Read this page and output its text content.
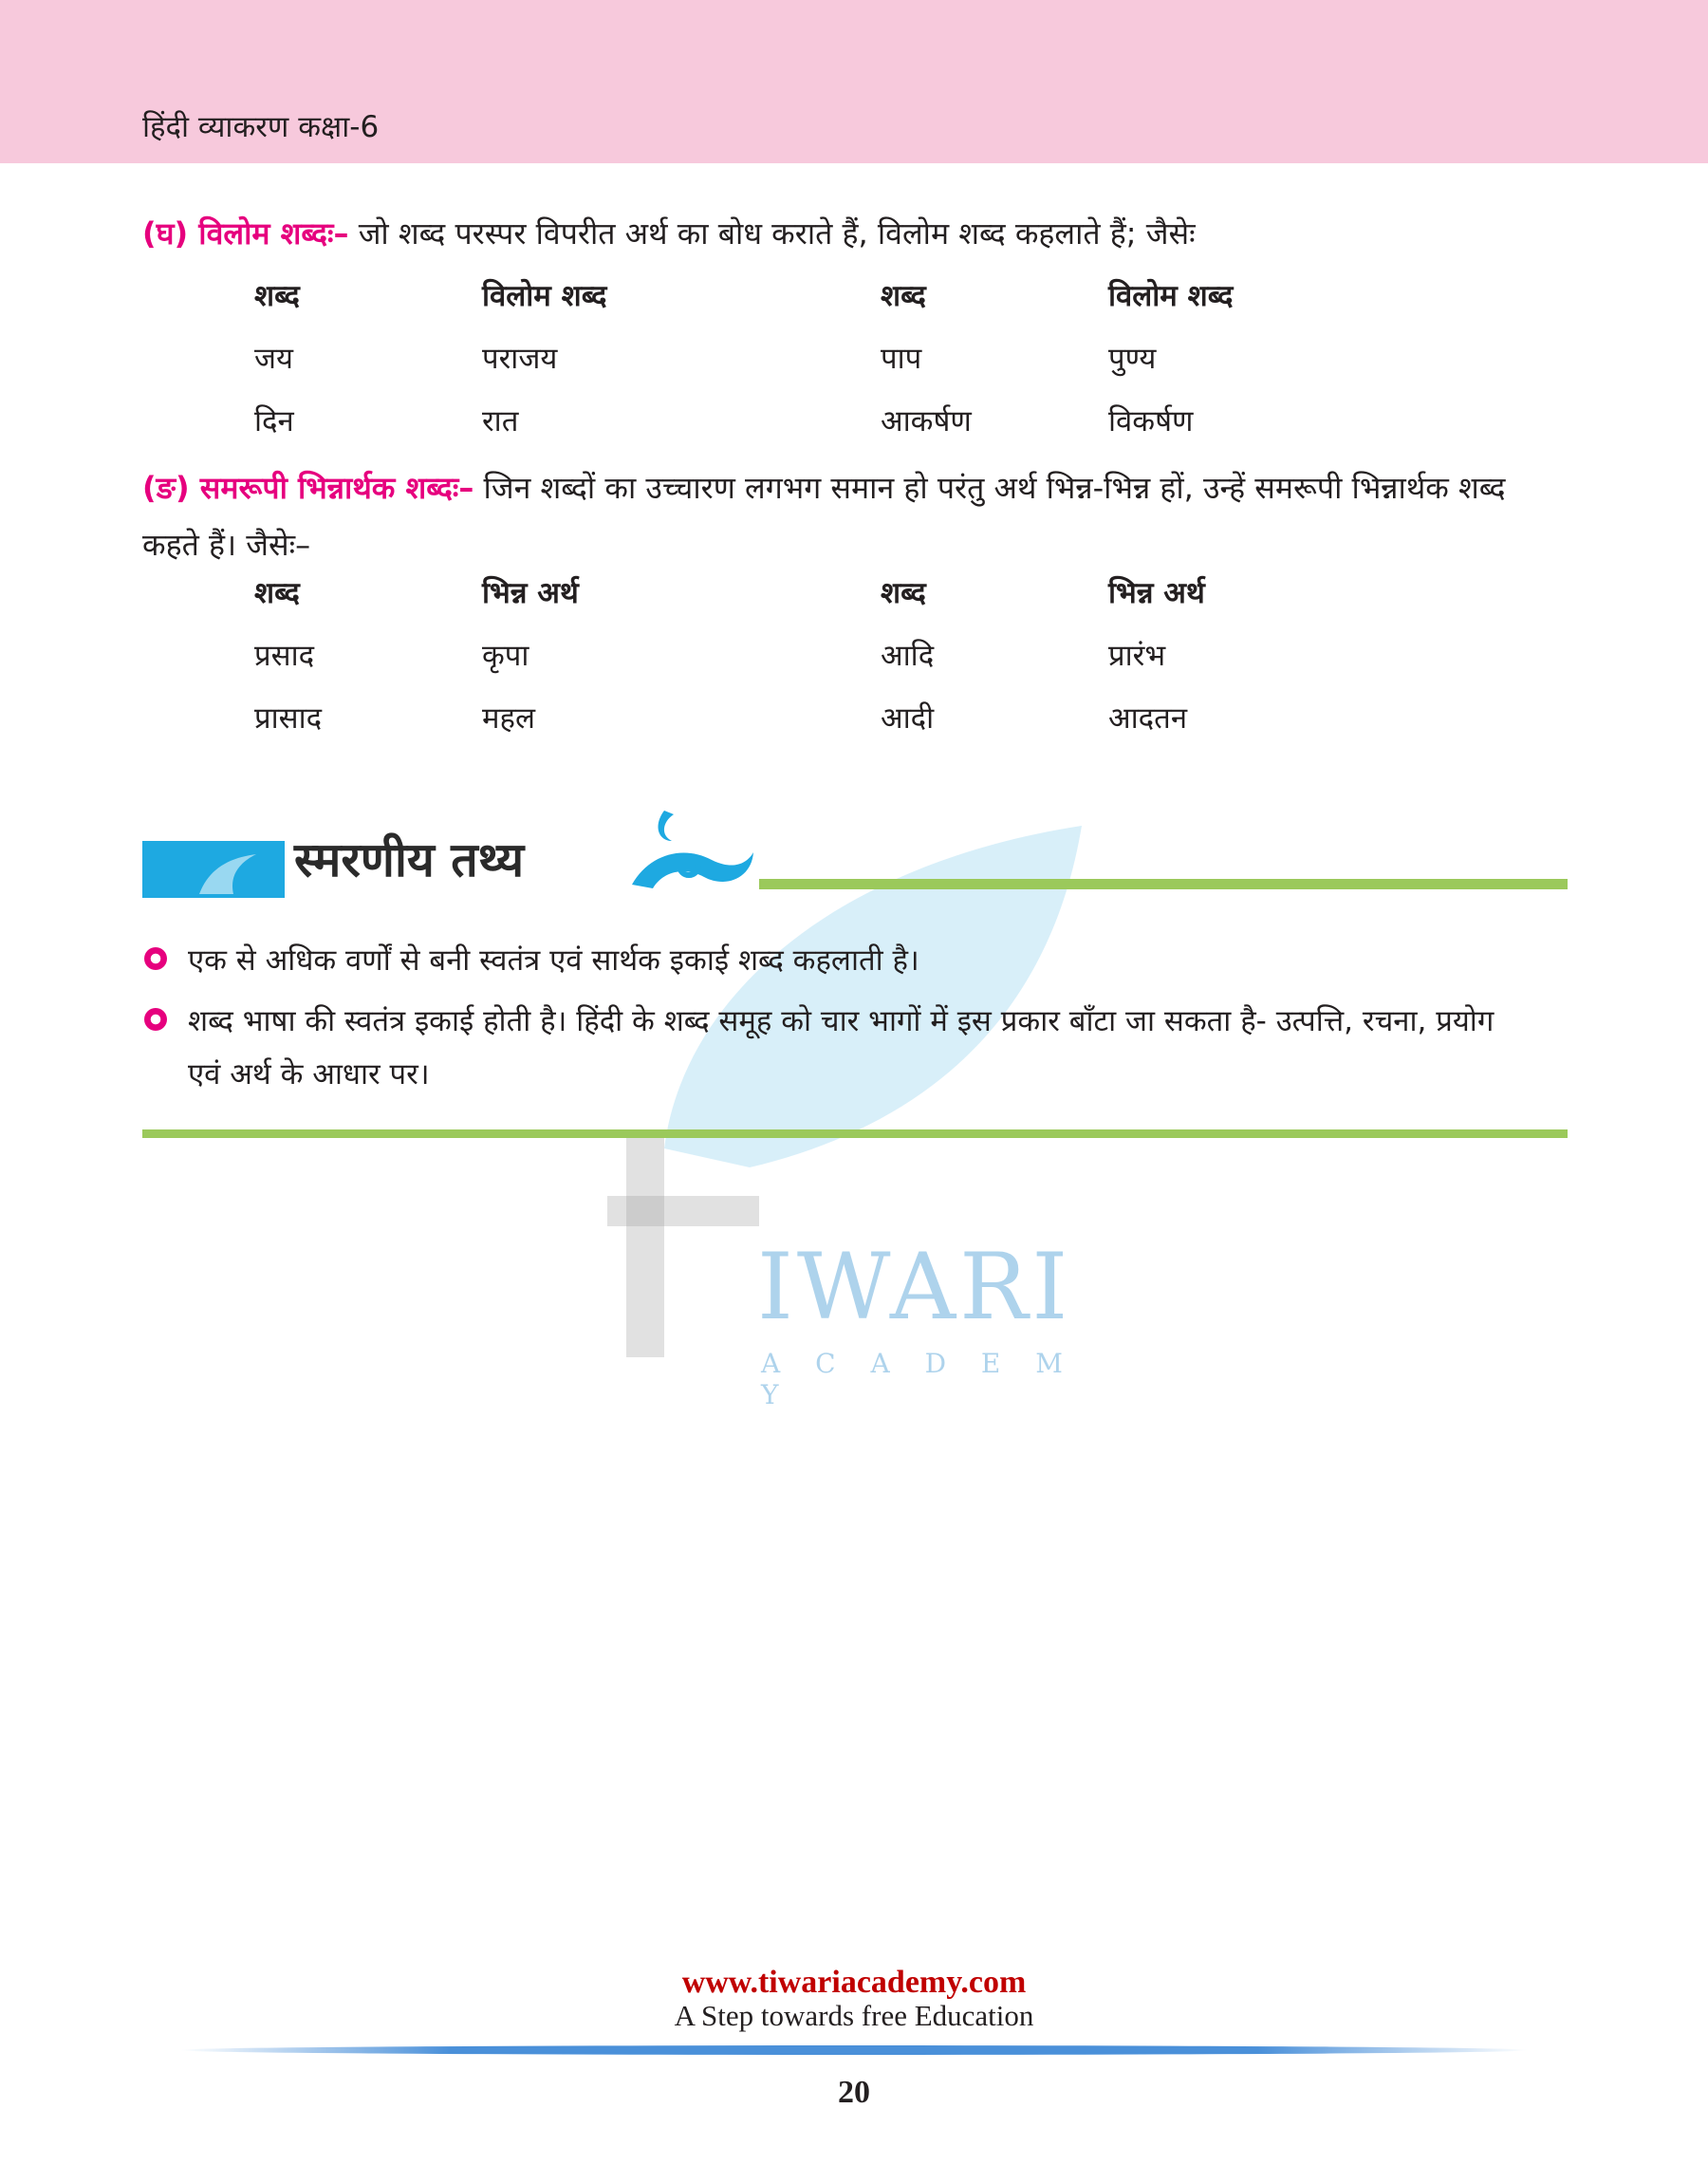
हिंदी व्याकरण कक्षा-6
(घ) विलोम शब्दः– जो शब्द परस्पर विपरीत अर्थ का बोध कराते हैं, विलोम शब्द कहलाते हैं; जैसेः
शब्द	विलोम शब्द	शब्द	विलोम शब्द
जय	पराजय	पाप	पुण्य
दिन	रात	आकर्षण	विकर्षण
(ङ) समरूपी भिन्नार्थक शब्दः– जिन शब्दों का उच्चारण लगभग समान हो परंतु अर्थ भिन्न-भिन्न हों, उन्हें समरूपी भिन्नार्थक शब्द कहते हैं। जैसेः–
शब्द	भिन्न अर्थ	शब्द	भिन्न अर्थ
प्रसाद	कृपा	आदि	प्रारंभ
प्रासाद	महल	आदी	आदतन
IWARI
A C A D E M Y
स्मरणीय तथ्य
एक से अधिक वर्णों से बनी स्वतंत्र एवं सार्थक इकाई शब्द कहलाती है।
शब्द भाषा की स्वतंत्र इकाई होती है। हिंदी के शब्द समूह को चार भागों में इस प्रकार बाँटा जा सकता है- उत्पत्ति, रचना, प्रयोग एवं अर्थ के आधार पर।
www.tiwariacademy.com
A Step towards free Education
20
